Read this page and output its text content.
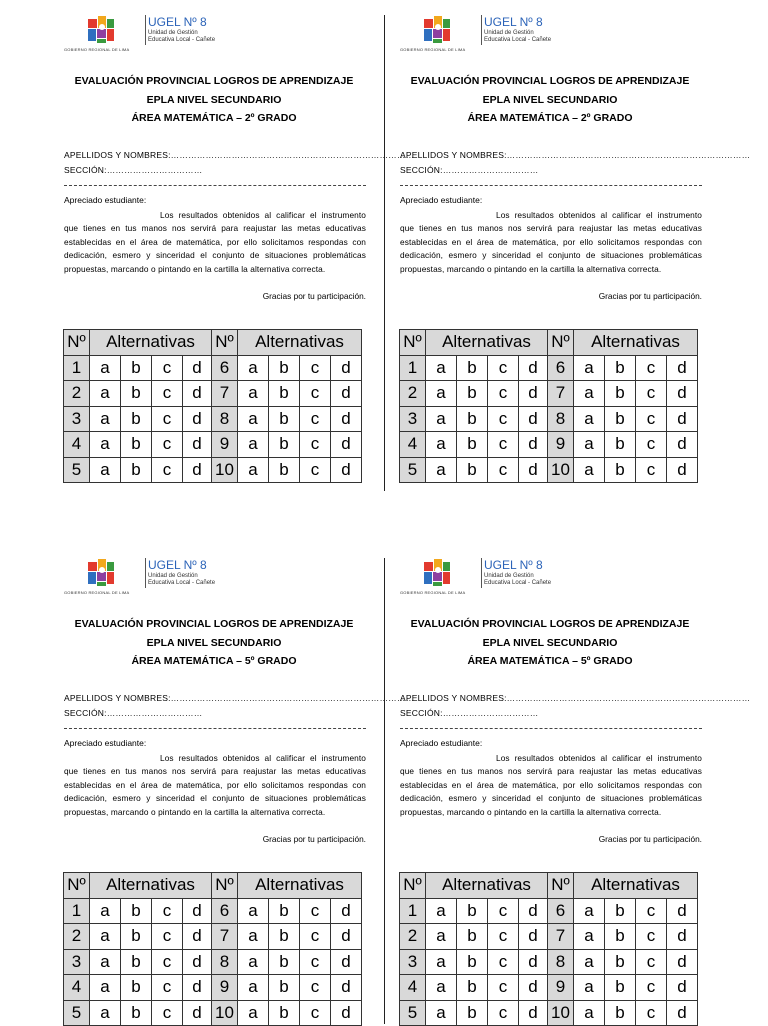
GOBIERNO REGIONAL DE LIMA
UGEL Nº 8
Unidad de Gestión
Educativa Local - Cañete
EVALUACIÓN PROVINCIAL LOGROS DE APRENDIZAJE
EPLA NIVEL SECUNDARIO
ÁREA MATEMÁTICA – 2º GRADO
APELLIDOS Y NOMBRES:…………………………………………………………………………
SECCIÓN:……………………………
Apreciado estudiante:
Los resultados obtenidos al calificar el instrumento que tienes en tus manos nos servirá para reajustar las metas educativas establecidas en el área de matemática, por ello solicitamos respondas con dedicación, esmero y sinceridad el conjunto de situaciones problemáticas propuestas, marcando o pintando en la cartilla la alternativa correcta.
Gracias por tu participación.
Nº	Alternativas				Nº	Alternativas			
1	a	b	c	d	6	a	b	c	d
2	a	b	c	d	7	a	b	c	d
3	a	b	c	d	8	a	b	c	d
4	a	b	c	d	9	a	b	c	d
5	a	b	c	d	10	a	b	c	d
GOBIERNO REGIONAL DE LIMA
UGEL Nº 8
Unidad de Gestión
Educativa Local - Cañete
EVALUACIÓN PROVINCIAL LOGROS DE APRENDIZAJE
EPLA NIVEL SECUNDARIO
ÁREA MATEMÁTICA – 2º GRADO
APELLIDOS Y NOMBRES:…………………………………………………………………………
SECCIÓN:……………………………
Apreciado estudiante:
Los resultados obtenidos al calificar el instrumento que tienes en tus manos nos servirá para reajustar las metas educativas establecidas en el área de matemática, por ello solicitamos respondas con dedicación, esmero y sinceridad el conjunto de situaciones problemáticas propuestas, marcando o pintando en la cartilla la alternativa correcta.
Gracias por tu participación.
Nº	Alternativas				Nº	Alternativas			
1	a	b	c	d	6	a	b	c	d
2	a	b	c	d	7	a	b	c	d
3	a	b	c	d	8	a	b	c	d
4	a	b	c	d	9	a	b	c	d
5	a	b	c	d	10	a	b	c	d
GOBIERNO REGIONAL DE LIMA
UGEL Nº 8
Unidad de Gestión
Educativa Local - Cañete
EVALUACIÓN PROVINCIAL LOGROS DE APRENDIZAJE
EPLA NIVEL SECUNDARIO
ÁREA MATEMÁTICA – 5º GRADO
APELLIDOS Y NOMBRES:…………………………………………………………………………
SECCIÓN:……………………………
Apreciado estudiante:
Los resultados obtenidos al calificar el instrumento que tienes en tus manos nos servirá para reajustar las metas educativas establecidas en el área de matemática, por ello solicitamos respondas con dedicación, esmero y sinceridad el conjunto de situaciones problemáticas propuestas, marcando o pintando en la cartilla la alternativa correcta.
Gracias por tu participación.
Nº	Alternativas				Nº	Alternativas			
1	a	b	c	d	6	a	b	c	d
2	a	b	c	d	7	a	b	c	d
3	a	b	c	d	8	a	b	c	d
4	a	b	c	d	9	a	b	c	d
5	a	b	c	d	10	a	b	c	d
GOBIERNO REGIONAL DE LIMA
UGEL Nº 8
Unidad de Gestión
Educativa Local - Cañete
EVALUACIÓN PROVINCIAL LOGROS DE APRENDIZAJE
EPLA NIVEL SECUNDARIO
ÁREA MATEMÁTICA – 5º GRADO
APELLIDOS Y NOMBRES:…………………………………………………………………………
SECCIÓN:……………………………
Apreciado estudiante:
Los resultados obtenidos al calificar el instrumento que tienes en tus manos nos servirá para reajustar las metas educativas establecidas en el área de matemática, por ello solicitamos respondas con dedicación, esmero y sinceridad el conjunto de situaciones problemáticas propuestas, marcando o pintando en la cartilla la alternativa correcta.
Gracias por tu participación.
Nº	Alternativas				Nº	Alternativas			
1	a	b	c	d	6	a	b	c	d
2	a	b	c	d	7	a	b	c	d
3	a	b	c	d	8	a	b	c	d
4	a	b	c	d	9	a	b	c	d
5	a	b	c	d	10	a	b	c	d
